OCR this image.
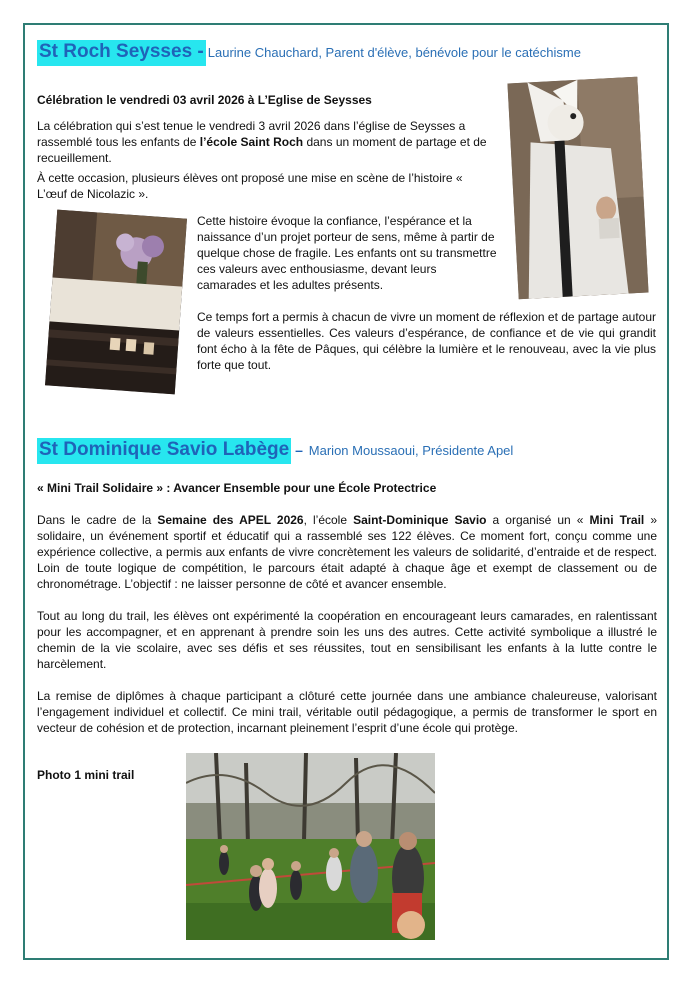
St Roch Seysses -Laurine Chauchard, Parent d'élève, bénévole pour le catéchisme
Célébration le vendredi 03 avril 2026 à L’Eglise de Seysses
La célébration qui s’est tenue le vendredi 3 avril 2026 dans l’église de Seysses a rassemblé tous les enfants de l’école Saint Roch dans un moment de partage et de recueillement.
À cette occasion, plusieurs élèves ont proposé une mise en scène de l’histoire « L’œuf de Nicolazic ».
Cette histoire évoque la confiance, l’espérance et la naissance d’un projet porteur de sens, même à partir de quelque chose de fragile. Les enfants ont su transmettre ces valeurs avec enthousiasme, devant leurs camarades et les adultes présents.
Ce temps fort a permis à chacun de vivre un moment de réflexion et de partage autour de valeurs essentielles. Ces valeurs d’espérance, de confiance et de vie qui grandit font écho à la fête de Pâques, qui célèbre la lumière et le renouveau, avec la vie plus forte que tout.
St Dominique Savio Labège – Marion Moussaoui, Présidente Apel
« Mini Trail Solidaire » : Avancer Ensemble pour une École Protectrice
Dans le cadre de la Semaine des APEL 2026, l’école Saint-Dominique Savio a organisé un « Mini Trail » solidaire, un événement sportif et éducatif qui a rassemblé ses 122 élèves. Ce moment fort, conçu comme une expérience collective, a permis aux enfants de vivre concrètement les valeurs de solidarité, d’entraide et de respect. Loin de toute logique de compétition, le parcours était adapté à chaque âge et exempt de classement ou de chronométrage. L’objectif : ne laisser personne de côté et avancer ensemble.
Tout au long du trail, les élèves ont expérimenté la coopération en encourageant leurs camarades, en ralentissant pour les accompagner, et en apprenant à prendre soin les uns des autres. Cette activité symbolique a illustré le chemin de la vie scolaire, avec ses défis et ses réussites, tout en sensibilisant les enfants à la lutte contre le harcèlement.
La remise de diplômes à chaque participant a clôturé cette journée dans une ambiance chaleureuse, valorisant l’engagement individuel et collectif. Ce mini trail, véritable outil pédagogique, a permis de transformer le sport en vecteur de cohésion et de protection, incarnant pleinement l’esprit d’une école qui protège.
Photo 1 mini trail
